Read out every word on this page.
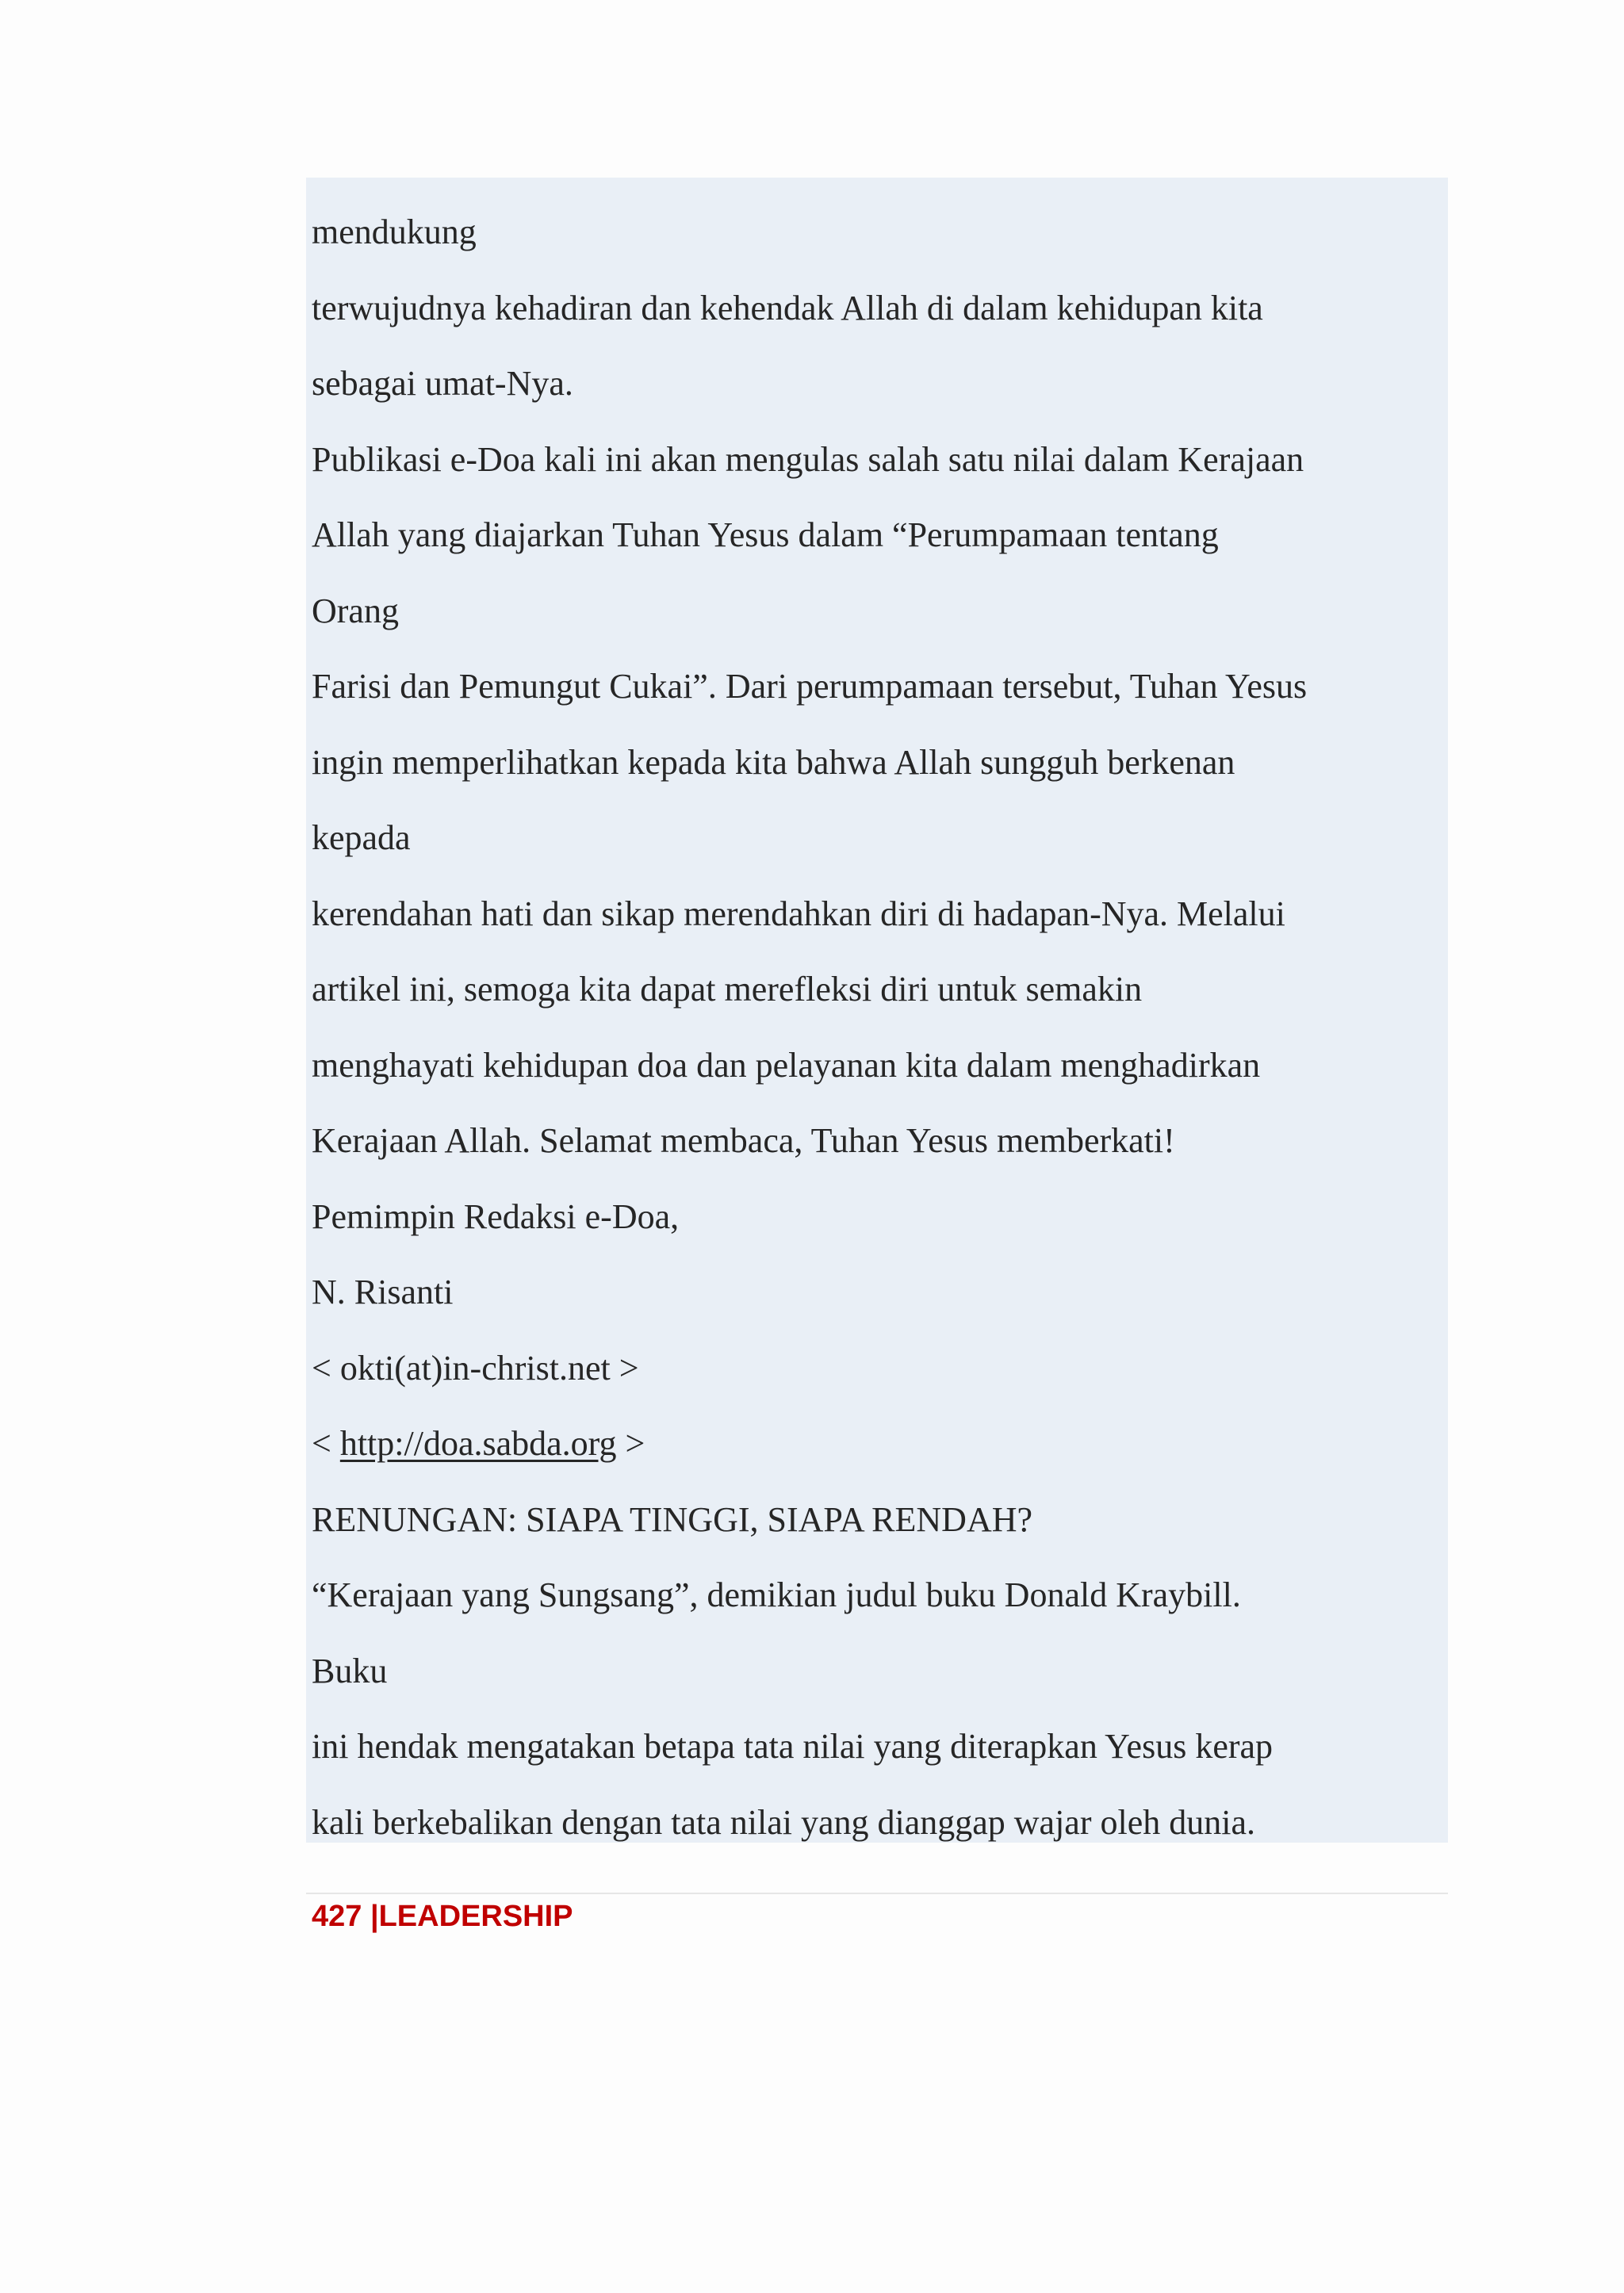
mendukung
terwujudnya kehadiran dan kehendak Allah di dalam kehidupan kita
sebagai umat-Nya.
Publikasi e-Doa kali ini akan mengulas salah satu nilai dalam Kerajaan
Allah yang diajarkan Tuhan Yesus dalam “Perumpamaan tentang
Orang
Farisi dan Pemungut Cukai”. Dari perumpamaan tersebut, Tuhan Yesus
ingin memperlihatkan kepada kita bahwa Allah sungguh berkenan
kepada
kerendahan hati dan sikap merendahkan diri di hadapan-Nya. Melalui
artikel ini, semoga kita dapat merefleksi diri untuk semakin
menghayati kehidupan doa dan pelayanan kita dalam menghadirkan
Kerajaan Allah. Selamat membaca, Tuhan Yesus memberkati!
Pemimpin Redaksi e-Doa,
N. Risanti
< okti(at)in-christ.net >
< http://doa.sabda.org >
RENUNGAN: SIAPA TINGGI, SIAPA RENDAH?
“Kerajaan yang Sungsang”, demikian judul buku Donald Kraybill.
Buku
ini hendak mengatakan betapa tata nilai yang diterapkan Yesus kerap
kali berkebalikan dengan tata nilai yang dianggap wajar oleh dunia.
427 |LEADERSHIP
